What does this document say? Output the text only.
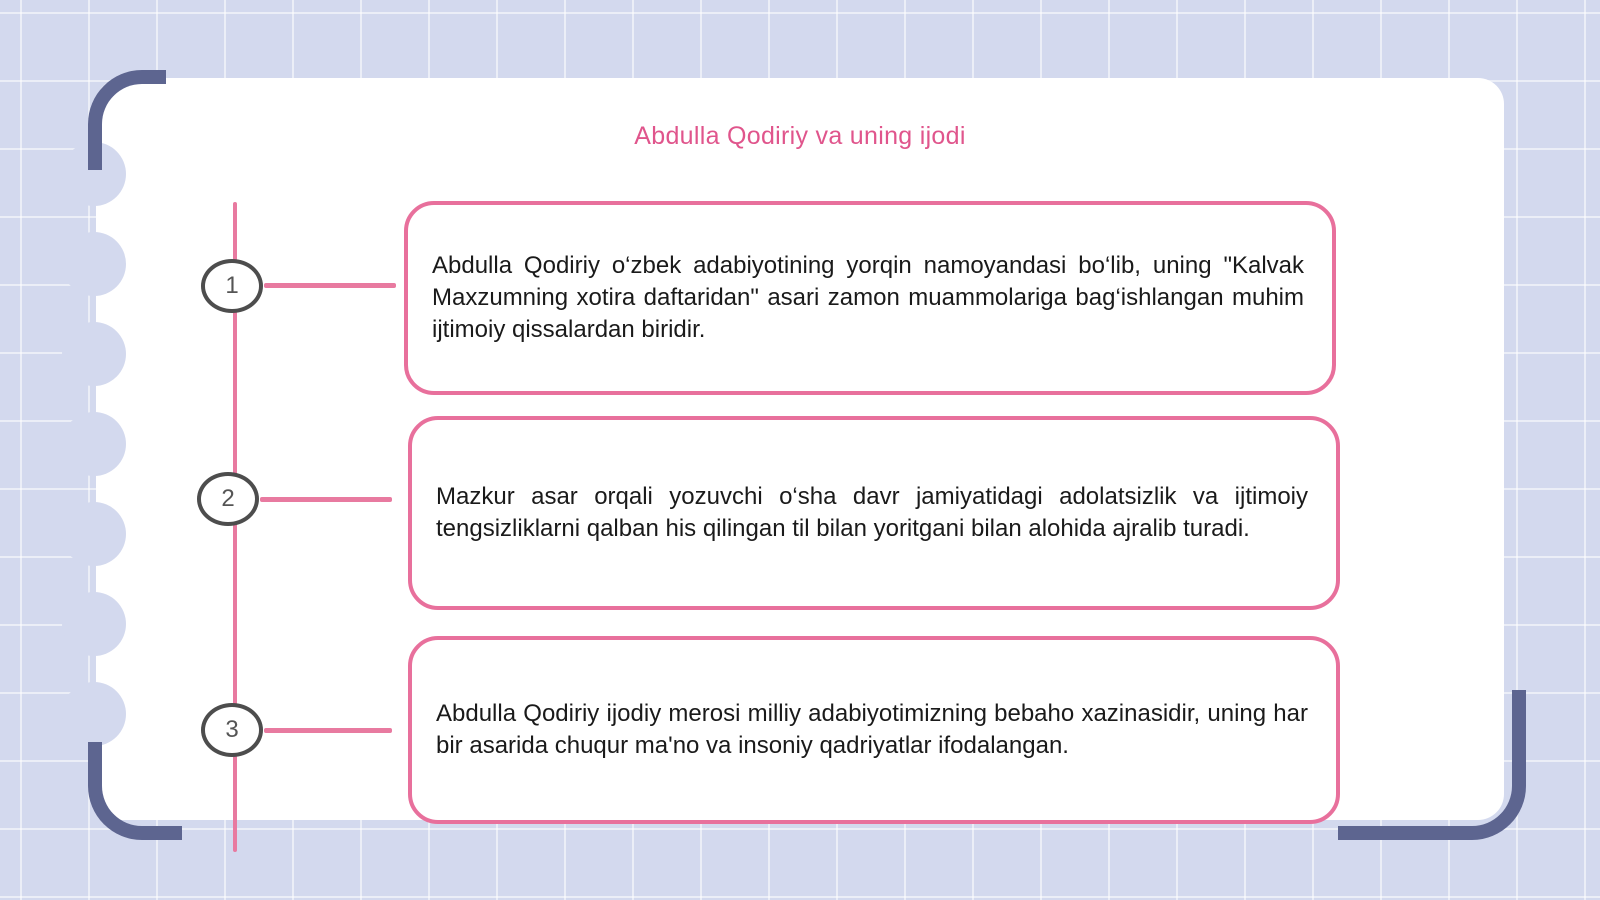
Abdulla Qodiriy va uning ijodi
1
2
3

Abdulla Qodiriy o‘zbek adabiyotining yorqin namoyandasi bo‘lib, uning "Kalvak Maxzumning xotira daftaridan" asari zamon muammolariga bag‘ishlangan muhim ijtimoiy qissalardan biridir.

Mazkur asar orqali yozuvchi o‘sha davr jamiyatidagi adolatsizlik va ijtimoiy tengsizliklarni qalban his qilingan til bilan yoritgani bilan alohida ajralib turadi.

Abdulla Qodiriy ijodiy merosi milliy adabiyotimizning bebaho xazinasidir, uning har bir asarida chuqur ma'no va insoniy qadriyatlar ifodalangan.
